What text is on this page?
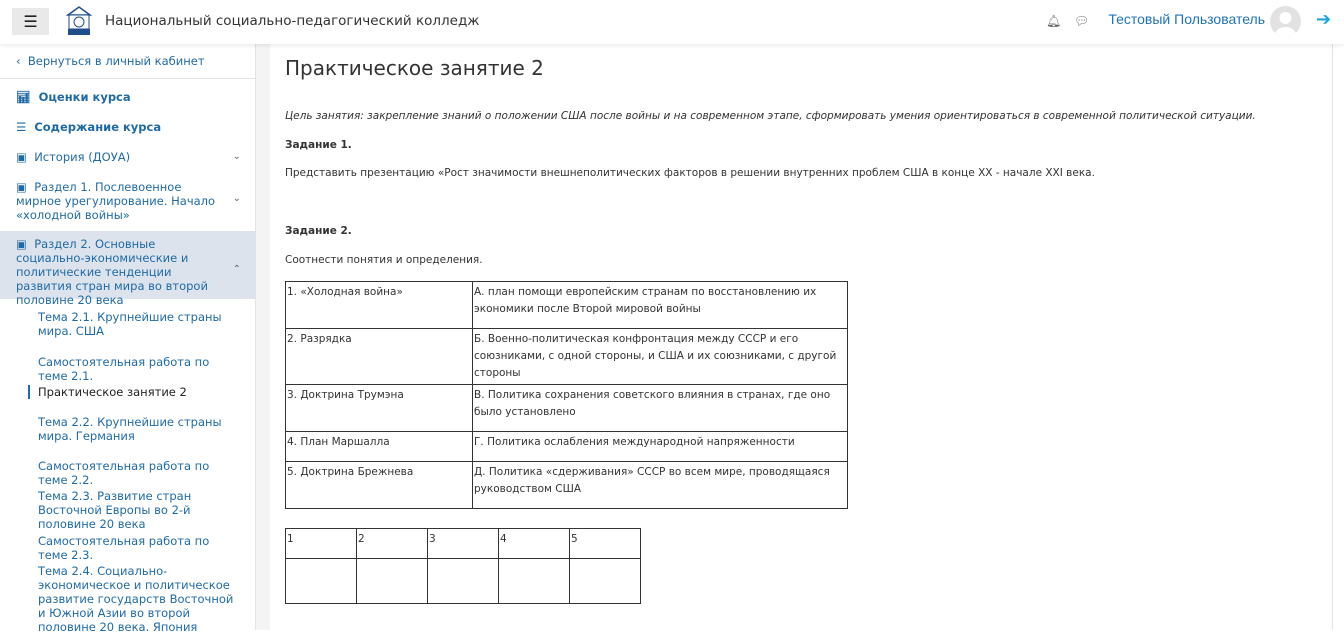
☰	Национальный социально-педагогический колледж	🔔︎ 💬︎ Тестовый Пользователь	➔
‹  Вернуться в личный кабинет
📊︎  Оценки курса
☰  Содержание курса
▣  История (ДОУА)	⌄
▣  Раздел 1. Послевоенное мирное урегулирование. Начало «холодной войны»
⌄
▣  Раздел 2. Основные социально-экономические и политические тенденции развития стран мира во второй половине 20 века
⌃
Тема 2.1. Крупнейшие страны мира. США
Самостоятельная работа по теме 2.1.
Практическое занятие 2
Тема 2.2. Крупнейшие страны мира. Германия
Самостоятельная работа по теме 2.2.
Тема 2.3. Развитие стран Восточной Европы во 2-й половине 20 века
Самостоятельная работа по теме 2.3.
Тема 2.4. Социально-экономическое и политическое развитие государств Восточной и Южной Азии во второй половине 20 века. Япония
Практическое занятие 2
Цель занятия: закрепление знаний о положении США после войны и на современном этапе, сформировать умения ориентироваться в современной политической ситуации.
Задание 1.
Представить презентацию «Рост значимости внешнеполитических факторов в решении внутренних проблем США в конце XX - начале XXI века.
Задание 2.
Соотнести понятия и определения.
1. «Холодная война»	А. план помощи европейским странам по восстановлению их экономики после Второй мировой войны
2. Разрядка	Б. Военно-политическая конфронтация между СССР и его союзниками, с одной стороны, и США и их союзниками, с другой стороны
3. Доктрина Трумэна	В. Политика сохранения советского влияния в странах, где оно было установлено
4. План Маршалла	Г. Политика ослабления международной напряженности
5. Доктрина Брежнева	Д. Политика «сдерживания» СССР во всем мире, проводящаяся руководством США
1	2	3	4	5
